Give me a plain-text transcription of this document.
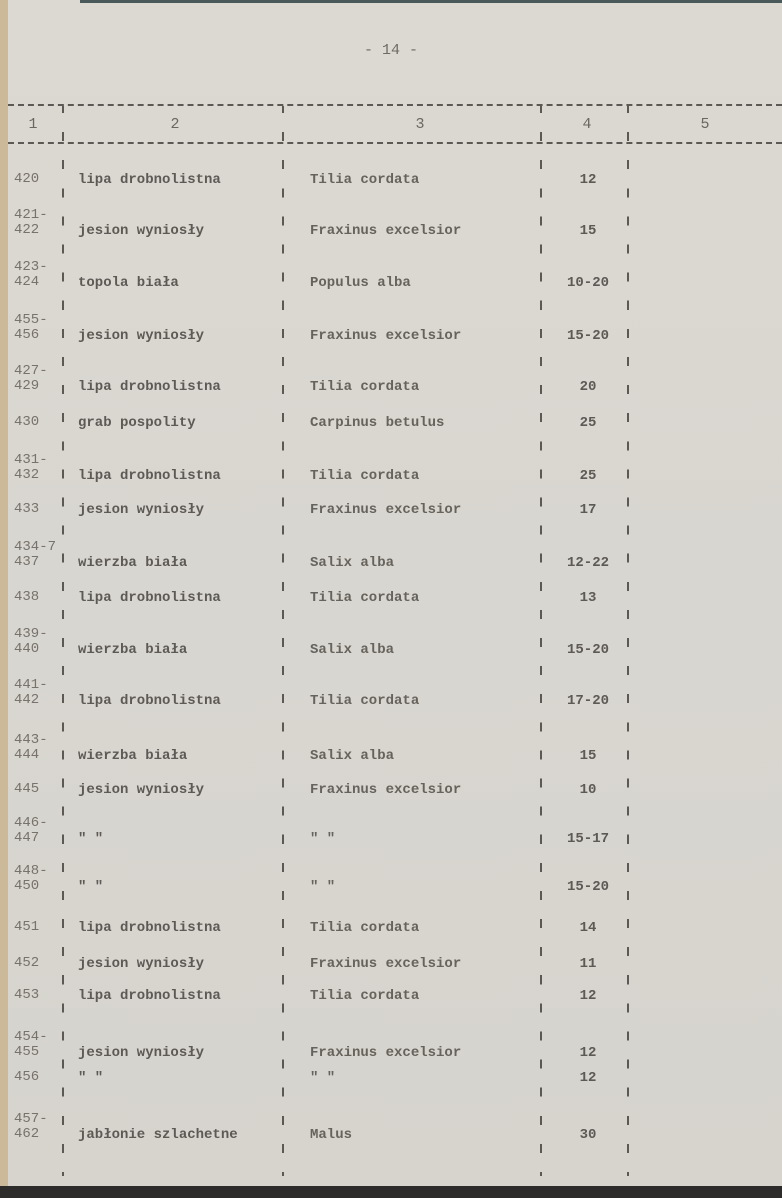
- 14 -
1	2	3	4	5
420	lipa drobnolistna	Tilia cordata	12
421-
422	jesion wyniosły	Fraxinus excelsior	15
423-
424	topola biała	Populus alba	10-20
455-
456	jesion wyniosły	Fraxinus excelsior	15-20
427-
429	lipa drobnolistna	Tilia cordata	20
430	grab pospolity	Carpinus betulus	25
431-
432	lipa drobnolistna	Tilia cordata	25
433	jesion wyniosły	Fraxinus excelsior	17
434-7
437	wierzba biała	Salix alba	12-22
438	lipa drobnolistna	Tilia cordata	13
439-
440	wierzba biała	Salix alba	15-20
441-
442	lipa drobnolistna	Tilia cordata	17-20
443-
444	wierzba biała	Salix alba	15
445	jesion wyniosły	Fraxinus excelsior	10
446-
447	" "	" "	15-17
448-
450	" "	" "	15-20
451	lipa drobnolistna	Tilia cordata	14
452	jesion wyniosły	Fraxinus excelsior	11
453	lipa drobnolistna	Tilia cordata	12
454-
455	jesion wyniosły	Fraxinus excelsior	12
456	" "	" "	12
457-
462	jabłonie szlachetne	Malus	30
